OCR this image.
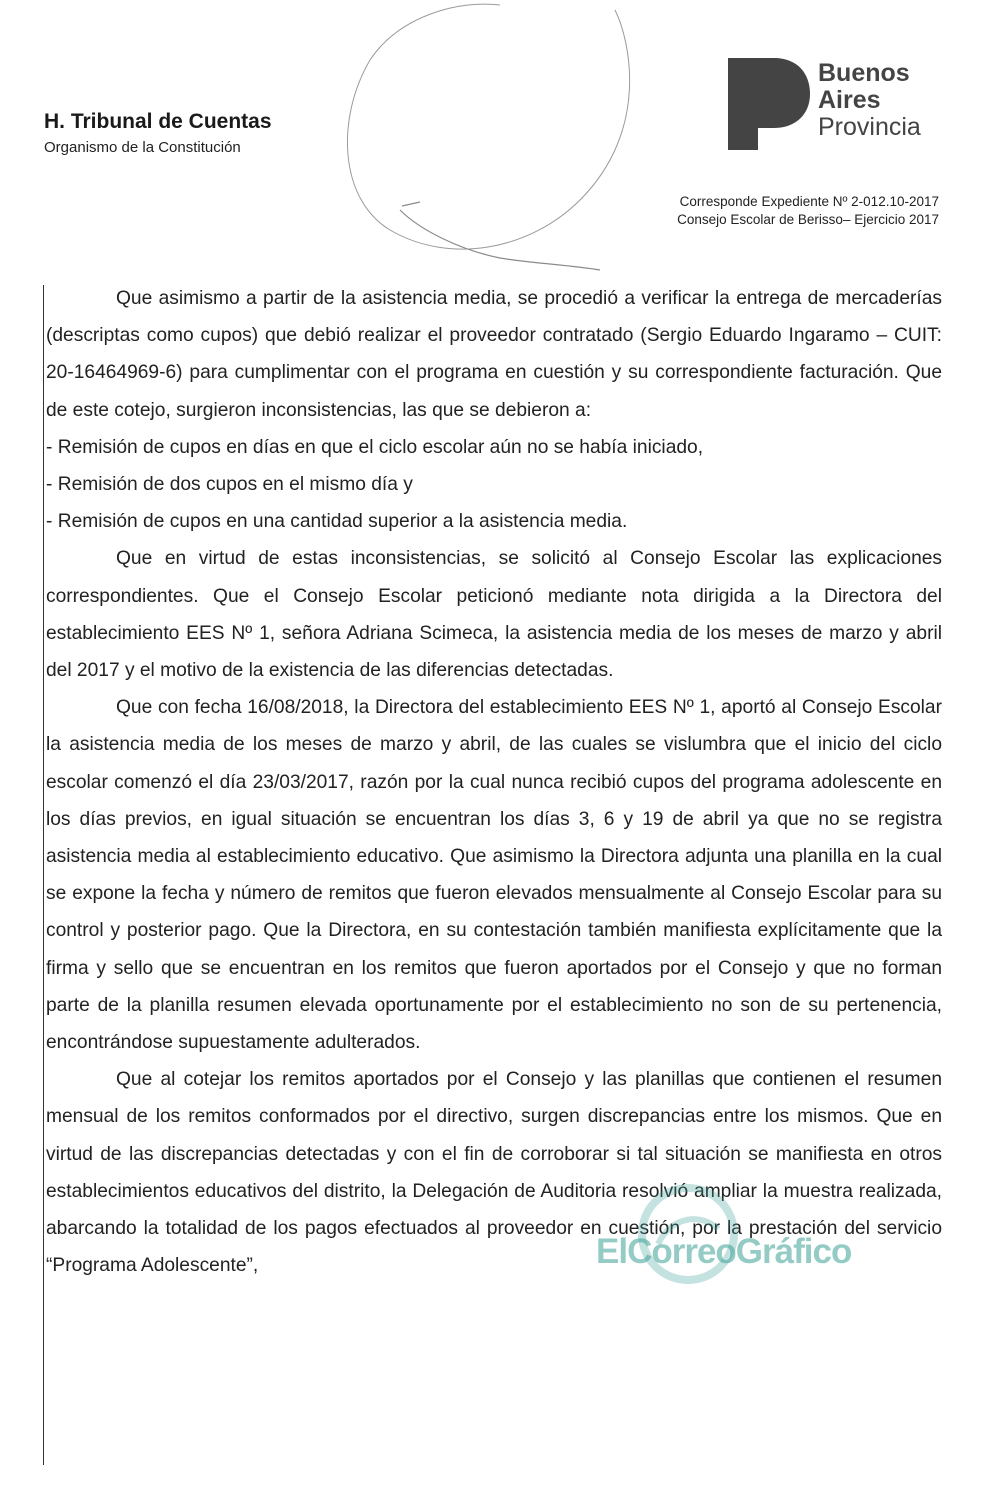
H. Tribunal de Cuentas
Organismo de la Constitución
Buenos
Aires
Provincia
Corresponde Expediente Nº 2-012.10-2017
Consejo Escolar de Berisso– Ejercicio 2017

Que asimismo a partir de la asistencia media, se procedió a verificar la entrega de mercaderías (descriptas como cupos) que debió realizar el proveedor contratado (Sergio Eduardo Ingaramo – CUIT: 20-16464969-6) para cumplimentar con el programa en cuestión y su correspondiente facturación. Que de este cotejo, surgieron inconsistencias, las que se debieron a:

- Remisión de cupos en días en que el ciclo escolar aún no se había iniciado,

- Remisión de dos cupos en el mismo día y

- Remisión de cupos en una cantidad superior a la asistencia media.

Que en virtud de estas inconsistencias, se solicitó al Consejo Escolar las explicaciones correspondientes. Que el Consejo Escolar peticionó mediante nota dirigida a la Directora del establecimiento EES Nº 1, señora Adriana Scimeca, la asistencia media de los meses de marzo y abril del 2017 y el motivo de la existencia de las diferencias detectadas.

Que con fecha 16/08/2018, la Directora del establecimiento EES Nº 1, aportó al Consejo Escolar la asistencia media de los meses de marzo y abril, de las cuales se vislumbra que el inicio del ciclo escolar comenzó el día 23/03/2017, razón por la cual nunca recibió cupos del programa adolescente en los días previos, en igual situación se encuentran los días 3, 6 y 19 de abril ya que no se registra asistencia media al establecimiento educativo. Que asimismo la Directora adjunta una planilla en la cual se expone la fecha y número de remitos que fueron elevados mensualmente al Consejo Escolar para su control y posterior pago. Que la Directora, en su contestación también manifiesta explícitamente que la firma y sello que se encuentran en los remitos que fueron aportados por el Consejo y que no forman parte de la planilla resumen elevada oportunamente por el establecimiento no son de su pertenencia, encontrándose supuestamente adulterados.

Que al cotejar los remitos aportados por el Consejo y las planillas que contienen el resumen mensual de los remitos conformados por el directivo, surgen discrepancias entre los mismos. Que en virtud de las discrepancias detectadas y con el fin de corroborar si tal situación se manifiesta en otros establecimientos educativos del distrito, la Delegación de Auditoria resolvió ampliar la muestra realizada, abarcando la totalidad de los pagos efectuados al proveedor en cuestión, por la prestación del servicio “Programa Adolescente”,	ElCorreoGráfico
